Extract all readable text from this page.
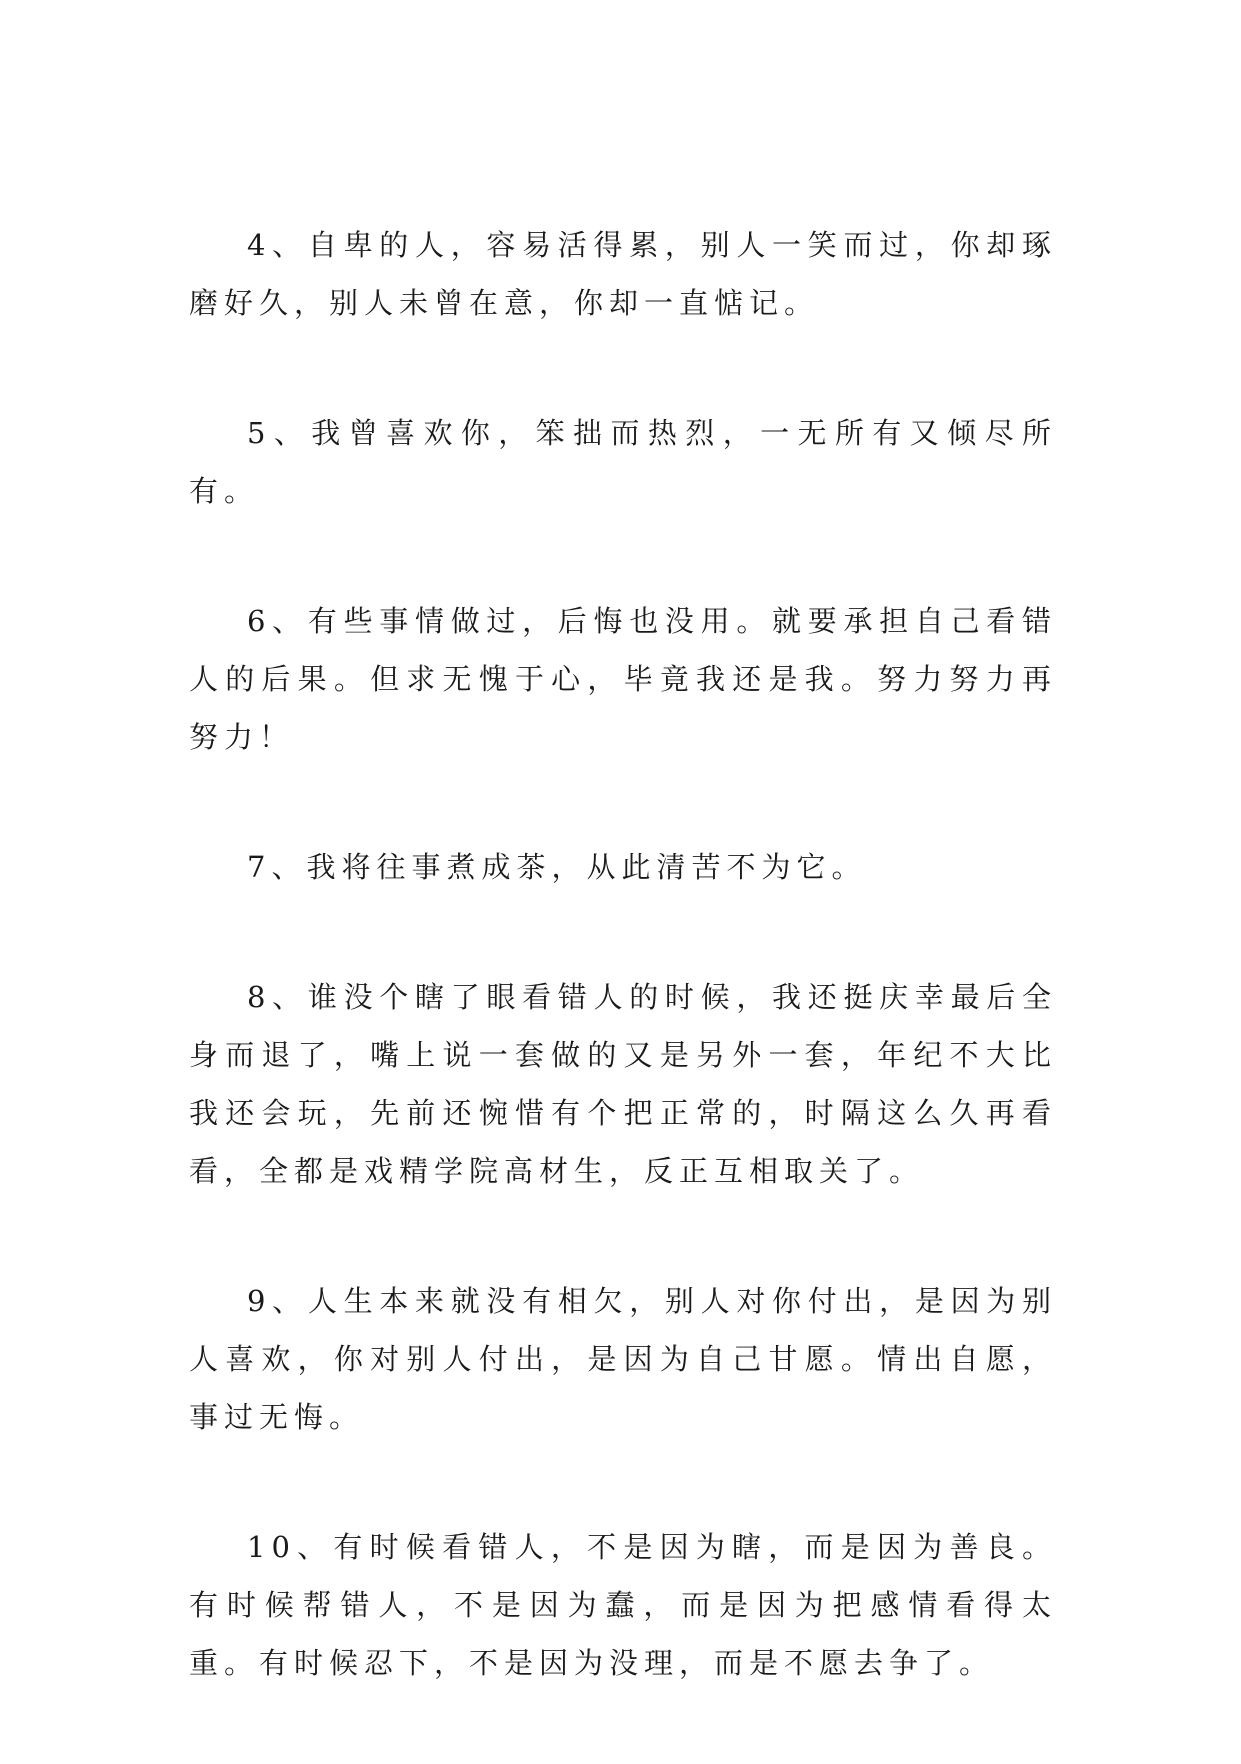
4、自卑的人，容易活得累，别人一笑而过，你却琢磨好久，别人未曾在意，你却一直惦记。

5、我曾喜欢你，笨拙而热烈，一无所有又倾尽所有。

6、有些事情做过，后悔也没用。就要承担自己看错人的后果。但求无愧于心，毕竟我还是我。努力努力再努力！

7、我将往事煮成茶，从此清苦不为它。

8、谁没个瞎了眼看错人的时候，我还挺庆幸最后全身而退了，嘴上说一套做的又是另外一套，年纪不大比我还会玩，先前还惋惜有个把正常的，时隔这么久再看看，全都是戏精学院高材生，反正互相取关了。

9、人生本来就没有相欠，别人对你付出，是因为别人喜欢，你对别人付出，是因为自己甘愿。情出自愿，事过无悔。

10、有时候看错人，不是因为瞎，而是因为善良。有时候帮错人，不是因为蠢，而是因为把感情看得太重。有时候忍下，不是因为没理，而是不愿去争了。
